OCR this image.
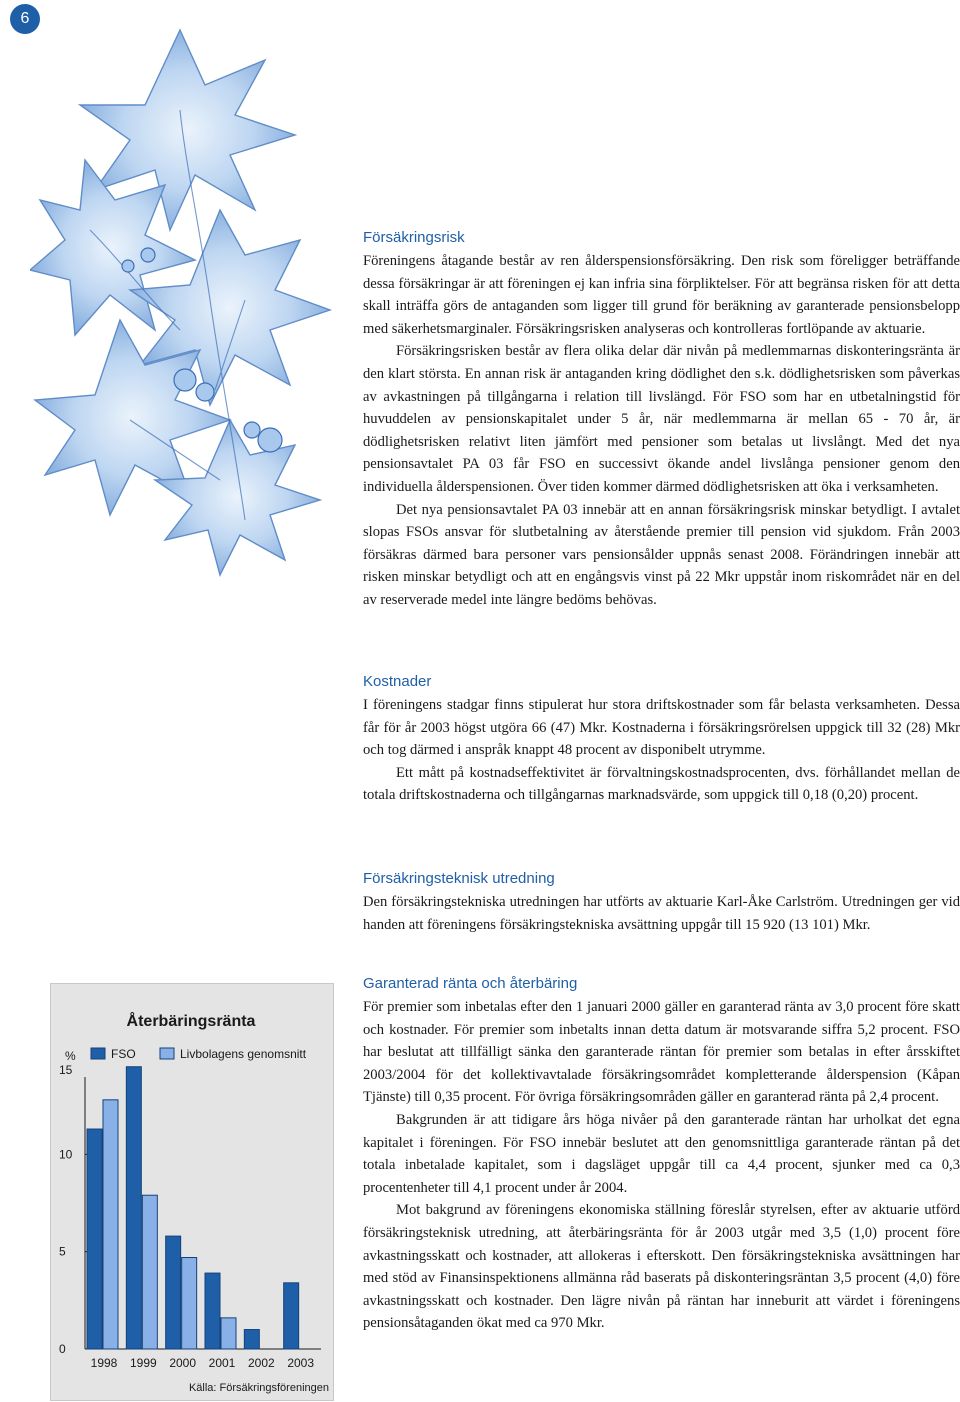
6
Försäkringsrisk

Föreningens åtagande består av ren ålderspensionsförsäkring. Den risk som föreligger beträffande dessa försäkringar är att föreningen ej kan infria sina förpliktelser. För att begränsa risken för att detta skall inträffa görs de antaganden som ligger till grund för beräkning av garanterade pensionsbelopp med säkerhetsmarginaler. Försäkringsrisken analyseras och kontrolleras fortlöpande av aktuarie.

Försäkringsrisken består av flera olika delar där nivån på medlemmarnas diskonteringsränta är den klart största. En annan risk är antaganden kring dödlighet den s.k. dödlighetsrisken som påverkas av avkastningen på tillgångarna i relation till livslängd. För FSO som har en utbetalningstid för huvuddelen av pensionskapitalet under 5 år, när medlemmarna är mellan 65 - 70 år, är dödlighetsrisken relativt liten jämfört med pensioner som betalas ut livslångt. Med det nya pensionsavtalet PA 03 får FSO en successivt ökande andel livslånga pensioner genom den individuella ålderspensionen. Över tiden kommer därmed dödlighetsrisken att öka i verksamheten.

Det nya pensionsavtalet PA 03 innebär att en annan försäkringsrisk minskar betydligt. I avtalet slopas FSOs ansvar för slutbetalning av återstående premier till pension vid sjukdom. Från 2003 försäkras därmed bara personer vars pensionsålder uppnås senast 2008. Förändringen innebär att risken minskar betydligt och att en engångsvis vinst på 22 Mkr uppstår inom riskområdet när en del av reserverade medel inte längre bedöms behövas.

Kostnader

I föreningens stadgar finns stipulerat hur stora driftskostnader som får belasta verksamheten. Dessa får för år 2003 högst utgöra 66 (47) Mkr. Kostnaderna i försäkringsrörelsen uppgick till 32 (28) Mkr och tog därmed i anspråk knappt 48 procent av disponibelt utrymme.

Ett mått på kostnadseffektivitet är förvaltningskostnadsprocenten, dvs. förhållandet mellan de totala driftskostnaderna och tillgångarnas marknadsvärde, som uppgick till 0,18 (0,20) procent.

Försäkringsteknisk utredning

Den försäkringstekniska utredningen har utförts av aktuarie Karl-Åke Carlström. Utredningen ger vid handen att föreningens försäkringstekniska avsättning uppgår till 15 920 (13 101) Mkr.

Garanterad ränta och återbäring

För premier som inbetalas efter den 1 januari 2000 gäller en garanterad ränta av 3,0 procent före skatt och kostnader. För premier som inbetalts innan detta datum är motsvarande siffra 5,2 procent. FSO har beslutat att tillfälligt sänka den garanterade räntan för premier som betalas in efter årsskiftet 2003/2004 för det kollektivavtalade försäkringsområdet kompletterande ålderspension (Kåpan Tjänste) till 0,35 procent. För övriga försäkringsområden gäller en garanterad ränta på 2,4 procent.

Bakgrunden är att tidigare års höga nivåer på den garanterade räntan har urholkat det egna kapitalet i föreningen. För FSO innebär beslutet att den genomsnittliga garanterade räntan på det totala inbetalade kapitalet, som i dagsläget uppgår till ca 4,4 procent, sjunker med ca 0,3 procentenheter till 4,1 procent under år 2004.

Mot bakgrund av föreningens ekonomiska ställning föreslår styrelsen, efter av aktuarie utförd försäkringsteknisk utredning, att återbäringsränta för år 2003 utgår med 3,5 (1,0) procent före avkastningsskatt och kostnader, att allokeras i efterskott. Den försäkringstekniska avsättningen har med stöd av Finansinspektionens allmänna råd baserats på diskonteringsräntan 3,5 procent (4,0) före avkastningsskatt och kostnader. Den lägre nivån på räntan har inneburit att värdet i föreningens pensionsåtaganden ökat med ca 970 Mkr.

Återbäringsränta
%
0
5
10
15
FSO	Livbolagens genomsnitt
1998 1999 2000 2001 2002 2003
Källa: Försäkringsföreningen
